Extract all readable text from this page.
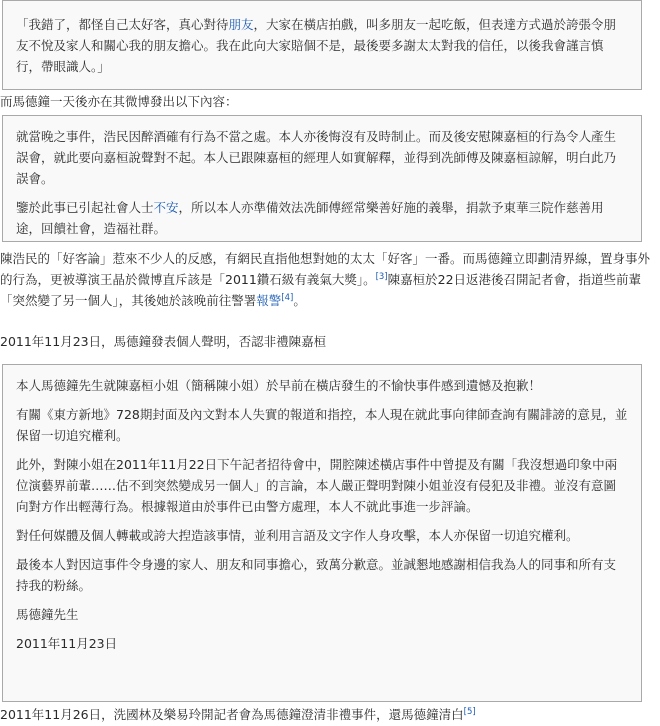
「我錯了，都怪自己太好客，真心對待朋友，大家在橫店拍戲，叫多朋友一起吃飯，但表達方式過於誇張令朋友不悅及家人和關心我的朋友擔心。我在此向大家賠個不是，最後要多謝太太對我的信任，以後我會謹言慎行，帶眼識人。」

而馬德鐘一天後亦在其微博發出以下內容：

就當晚之事件，浩民因醉酒確有行為不當之處。本人亦後悔沒有及時制止。而及後安慰陳嘉桓的行為令人產生誤會，就此要向嘉桓說聲對不起。本人已跟陳嘉桓的經理人如實解釋，並得到冼師傅及陳嘉桓諒解，明白此乃誤會。

鑒於此事已引起社會人士不安，所以本人亦準備效法冼師傅經常樂善好施的義舉，捐款予東華三院作慈善用途，回饋社會，造福社群。

陳浩民的「好客論」惹來不少人的反感，有網民直指他想對她的太太「好客」一番。而馬德鐘立即劃清界線，置身事外的行為，更被導演王晶於微博直斥該是「2011鑽石級有義氣大獎」。[3]陳嘉桓於22日返港後召開記者會，指道些前輩「突然變了另一個人」，其後她於該晚前往警署報警[4]。

2011年11月23日，馬德鐘發表個人聲明，否認非禮陳嘉桓

本人馬德鐘先生就陳嘉桓小姐（簡稱陳小姐）於早前在橫店發生的不愉快事件感到遺憾及抱歉！

有關《東方新地》728期封面及內文對本人失實的報道和指控，本人現在就此事向律師查詢有關誹謗的意見，並保留一切追究權利。

此外，對陳小姐在2011年11月22日下午記者招待會中，開腔陳述橫店事件中曾提及有關「我沒想過印象中兩位演藝界前輩……估不到突然變成另一個人」的言論，本人嚴正聲明對陳小姐並沒有侵犯及非禮。並沒有意圖向對方作出輕薄行為。根據報道由於事件已由警方處理，本人不就此事進一步評論。

對任何媒體及個人轉載或誇大揑造該事情，並利用言語及文字作人身攻擊，本人亦保留一切追究權利。

最後本人對因這事件令身邊的家人、朋友和同事擔心，致萬分歉意。並誠懇地感謝相信我為人的同事和所有支持我的粉絲。

馬德鐘先生

2011年11月23日

2011年11月26日，洗國林及樂易玲開記者會為馬德鐘澄清非禮事件，還馬德鐘清白[5]
